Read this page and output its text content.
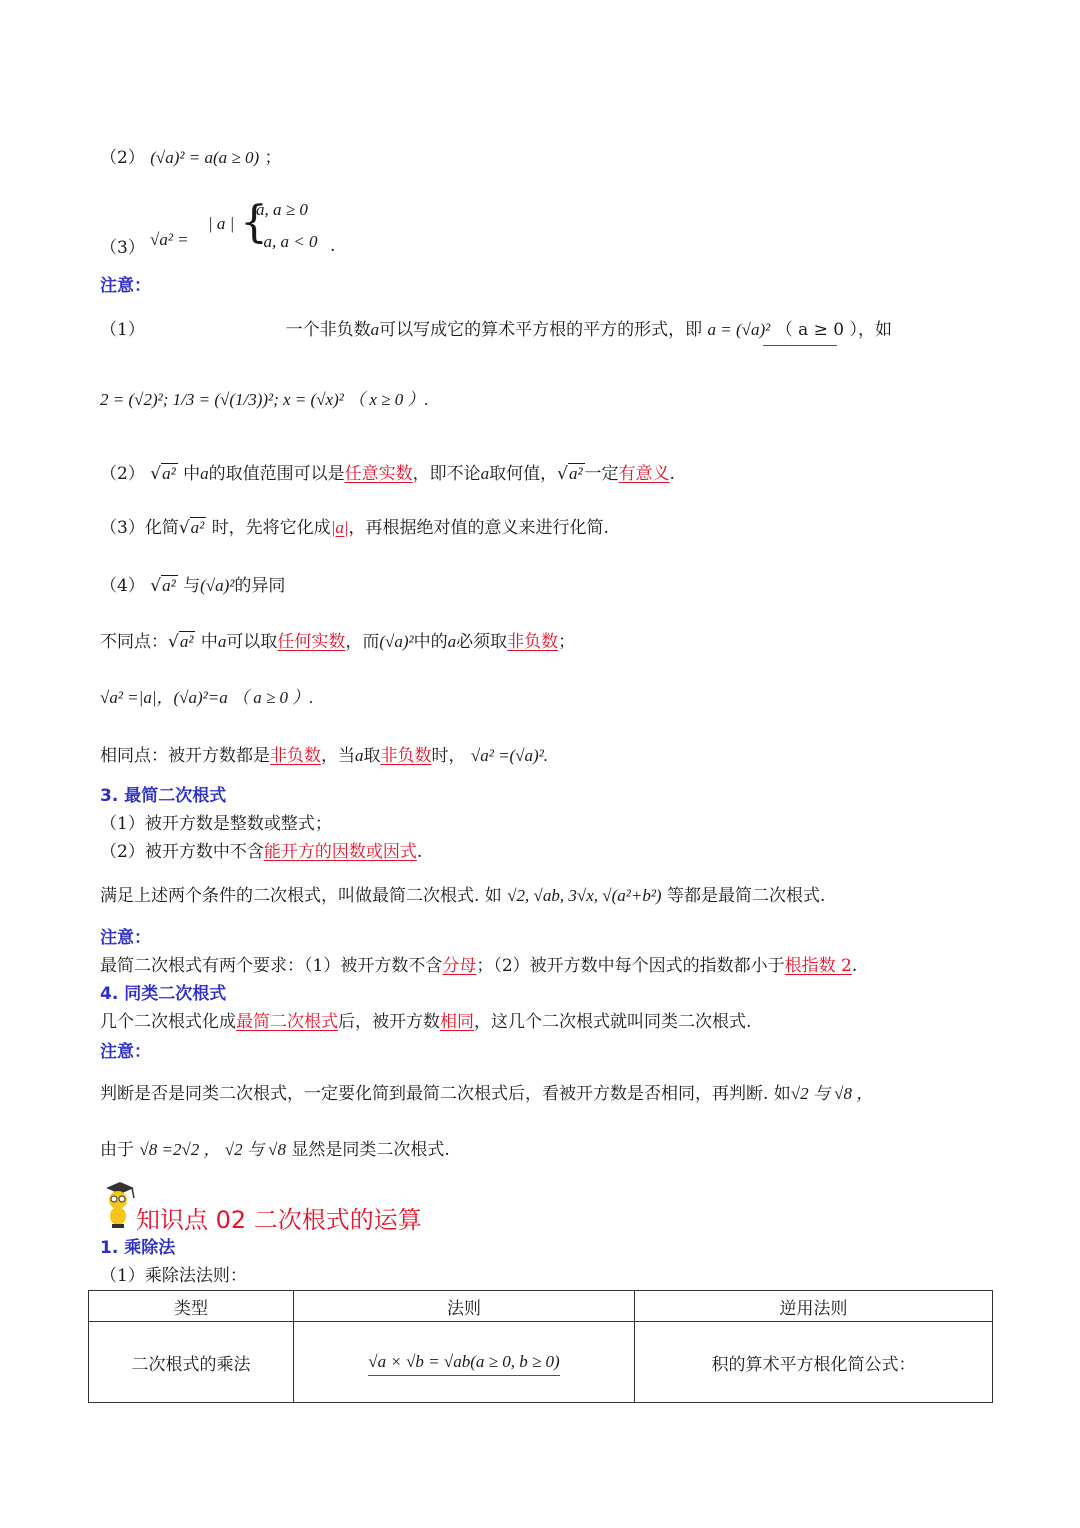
（2） (√a)² = a(a ≥ 0) ；
（3） √a² =
| a | {
a, a ≥ 0
−a, a < 0 .
注意：
（1）	一个非负数a可以写成它的算术平方根的平方的形式，即 a = (√a)² （ a ≥ 0 ），如
2 = (√2)²; 1/3 = (√(1/3))²; x = (√x)² （ x ≥ 0 ）.
（2） √a² 中a的取值范围可以是任意实数，即不论a取何值，√a² 一定有意义.
（3）化简√a² 时，先将它化成|a|，再根据绝对值的意义来进行化简.
（4） √a² 与(√a)²的异同
不同点：√a² 中a可以取任何实数，而(√a)²中的a必须取非负数；
√a² =|a|，(√a)²=a （ a ≥ 0 ）.
相同点：被开方数都是非负数，当a取非负数时， √a² =(√a)².
3. 最简二次根式
（1）被开方数是整数或整式；
（2）被开方数中不含能开方的因数或因式.
满足上述两个条件的二次根式，叫做最简二次根式. 如 √2, √ab, 3√x, √(a²+b²) 等都是最简二次根式.
注意：
最简二次根式有两个要求：（1）被开方数不含分母；（2）被开方数中每个因式的指数都小于根指数 2.
4. 同类二次根式
几个二次根式化成最简二次根式后，被开方数相同，这几个二次根式就叫同类二次根式.
注意：
判断是否是同类二次根式，一定要化简到最简二次根式后，看被开方数是否相同，再判断. 如√2 与 √8 ，
由于 √8 =2√2 ， √2 与 √8 显然是同类二次根式.
知识点 02 二次根式的运算
1. 乘除法
（1）乘除法法则：
类型	法则	逆用法则
二次根式的乘法	√a × √b = √ab(a ≥ 0, b ≥ 0)	积的算术平方根化简公式：
